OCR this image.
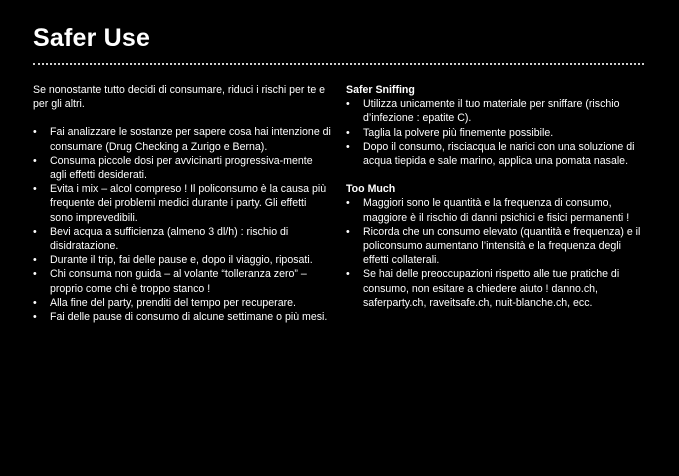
Safer Use

Se nonostante tutto decidi di consumare, riduci i rischi per te e per gli altri.

• Fai analizzare le sostanze per sapere cosa hai intenzione di consumare (Drug Checking a Zurigo e Berna).
• Consuma piccole dosi per avvicinarti progressiva-mente agli effetti desiderati.
• Evita i mix – alcol compreso ! Il policonsumo è la causa più frequente dei problemi medici durante i party. Gli effetti sono imprevedibili.
• Bevi acqua a sufficienza (almeno 3 dl/h) : rischio di disidratazione.
• Durante il trip, fai delle pause e, dopo il viaggio, riposati.
• Chi consuma non guida – al volante “tolleranza zero” – proprio come chi è troppo stanco !
• Alla fine del party, prenditi del tempo per recuperare.
• Fai delle pause di consumo di alcune settimane o più mesi.
Safer Sniffing
• Utilizza unicamente il tuo materiale per sniffare (rischio d’infezione : epatite C).
• Taglia la polvere più finemente possibile.
• Dopo il consumo, risciacqua le narici con una soluzione di acqua tiepida e sale marino, applica una pomata nasale.
Too Much
• Maggiori sono le quantità e la frequenza di consumo, maggiore è il rischio di danni psichici e fisici permanenti !
• Ricorda che un consumo elevato (quantità e frequenza) e il policonsumo aumentano l’intensità e la frequenza degli effetti collaterali.
• Se hai delle preoccupazioni rispetto alle tue pratiche di consumo, non esitare a chiedere aiuto ! danno.ch, saferparty.ch, raveitsafe.ch, nuit-blanche.ch, ecc.
